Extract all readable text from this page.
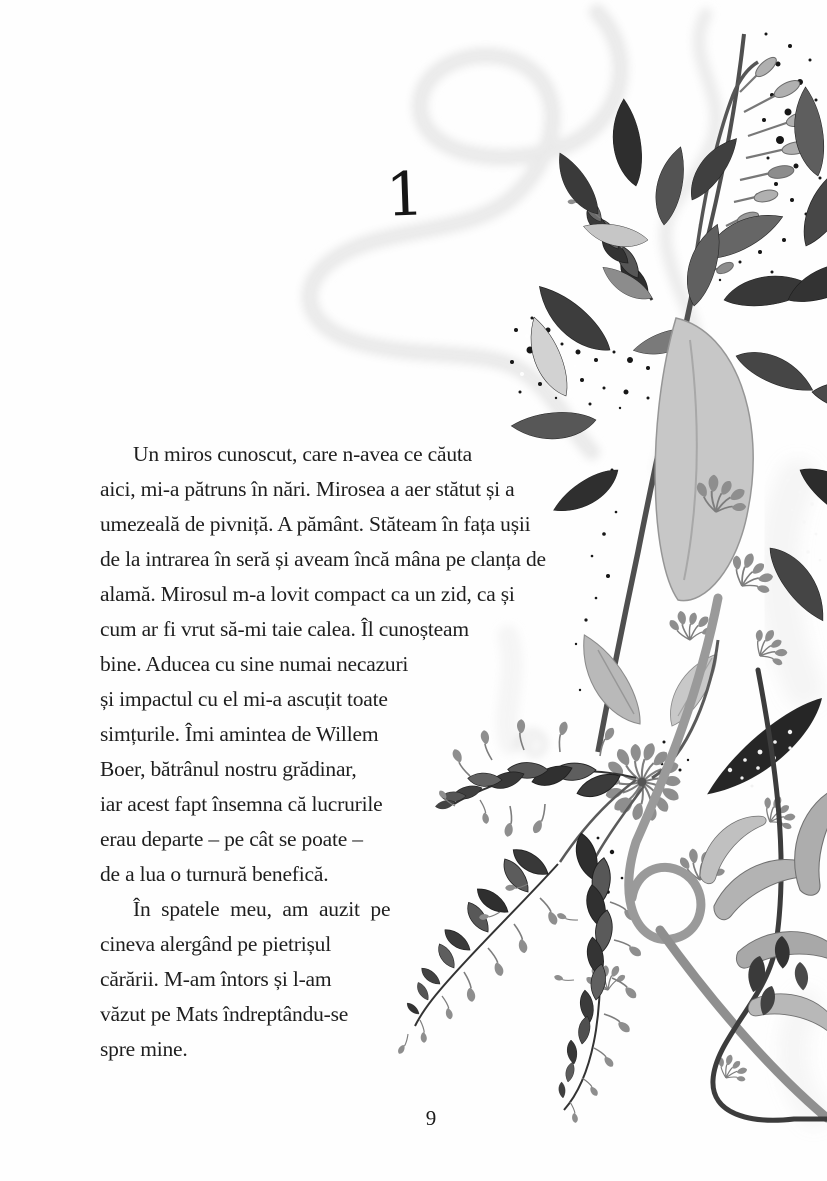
1
Un miros cunoscut, care n-avea ce căuta
aici, mi-a pătruns în nări. Mirosea a aer stătut și a
umezeală de pivniță. A pământ. Stăteam în fața ușii
de la intrarea în seră și aveam încă mâna pe clanța de
alamă. Mirosul m-a lovit compact ca un zid, ca și
cum ar fi vrut să-mi taie calea. Îl cunoșteam
bine. Aducea cu sine numai necazuri
și impactul cu el mi-a ascuțit toate
simțurile. Îmi amintea de Willem
Boer, bătrânul nostru grădinar,
iar acest fapt însemna că lucrurile
erau departe – pe cât se poate –
de a lua o turnură benefică.
În spatele meu, am auzit pe
cineva alergând pe pietrișul
cărării. M-am întors și l-am
văzut pe Mats îndreptându-se
spre mine.
9
